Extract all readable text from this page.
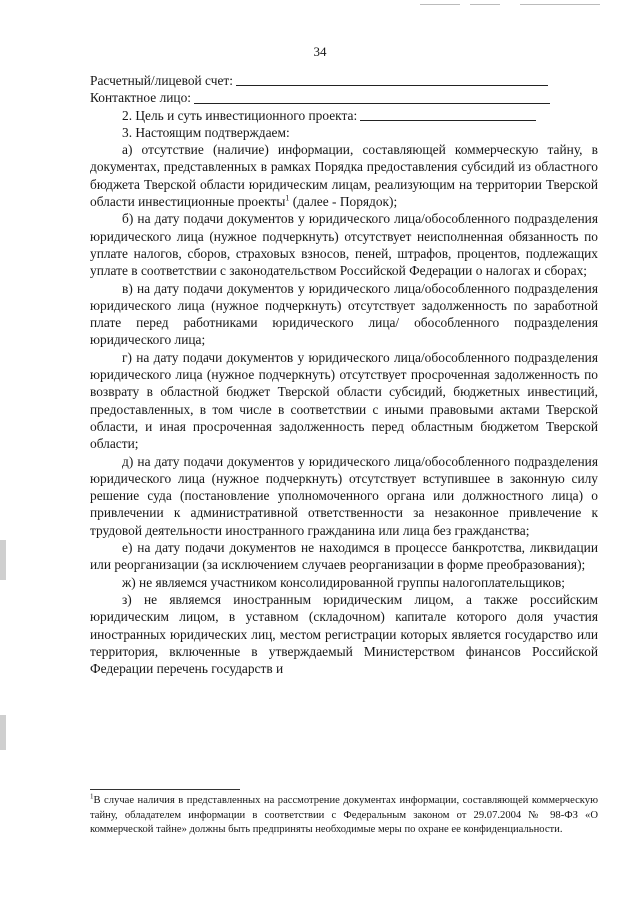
34
Расчетный/лицевой счет:
Контактное лицо:
2. Цель и суть инвестиционного проекта:

3. Настоящим подтверждаем:

а) отсутствие (наличие) информации, составляющей коммерческую тайну, в документах, представленных в рамках Порядка предоставления субсидий из областного бюджета Тверской области юридическим лицам, реализующим на территории Тверской области инвестиционные проекты$^1$ (далее - Порядок);

б) на дату подачи документов у юридического лица/обособленного подразделения юридического лица (нужное подчеркнуть) отсутствует неисполненная обязанность по уплате налогов, сборов, страховых взносов, пеней, штрафов, процентов, подлежащих уплате в соответствии с законодательством Российской Федерации о налогах и сборах;

в) на дату подачи документов у юридического лица/обособленного подразделения юридического лица (нужное подчеркнуть) отсутствует задолженность по заработной плате перед работниками юридического лица/ обособленного подразделения юридического лица;

г) на дату подачи документов у юридического лица/обособленного подразделения юридического лица (нужное подчеркнуть) отсутствует просроченная задолженность по возврату в областной бюджет Тверской области субсидий, бюджетных инвестиций, предоставленных, в том числе в соответствии с иными правовыми актами Тверской области, и иная просроченная задолженность перед областным бюджетом Тверской области;

д) на дату подачи документов у юридического лица/обособленного подразделения юридического лица (нужное подчеркнуть) отсутствует вступившее в законную силу решение суда (постановление уполномоченного органа или должностного лица) о привлечении к административной ответственности за незаконное привлечение к трудовой деятельности иностранного гражданина или лица без гражданства;

е) на дату подачи документов не находимся в процессе банкротства, ликвидации или реорганизации (за исключением случаев реорганизации в форме преобразования);

ж) не являемся участником консолидированной группы налогоплательщиков;

з) не являемся иностранным юридическим лицом, а также российским юридическим лицом, в уставном (складочном) капитале которого доля участия иностранных юридических лиц, местом регистрации которых является государство или территория, включенные в утверждаемый Министерством финансов Российской Федерации перечень государств и

$^1$В случае наличия в представленных на рассмотрение документах информации, составляющей коммерческую тайну, обладателем информации в соответствии с Федеральным законом от 29.07.2004 № 98-ФЗ «О коммерческой тайне» должны быть предприняты необходимые меры по охране ее конфиденциальности.
